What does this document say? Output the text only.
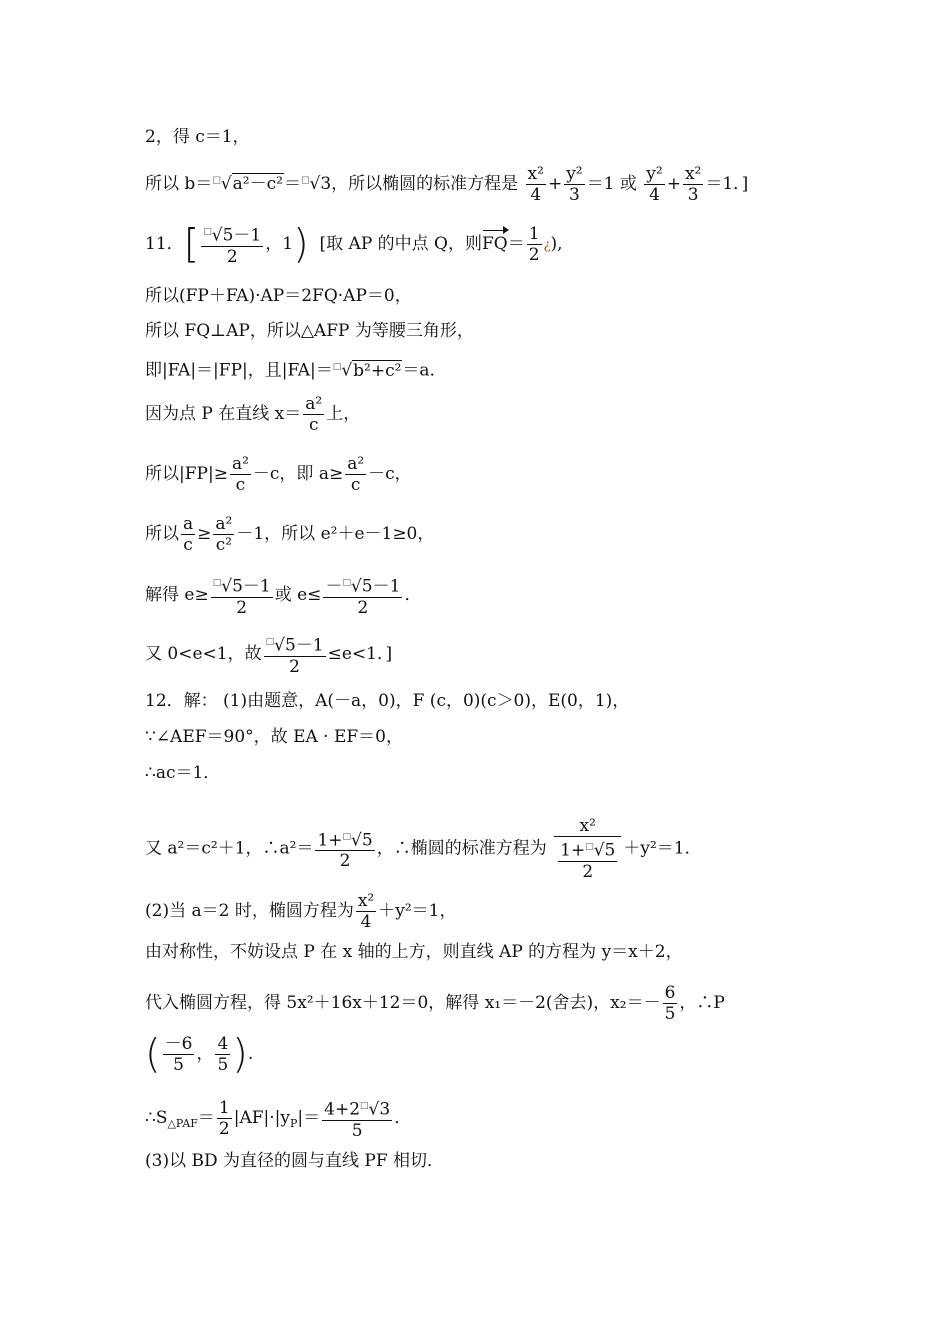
2，得 c＝1，
所以 b＝□√a²－c²＝□√3，所以椭圆的标准方程是 $\frac{\text{x²}}{4} + \frac{\text{y²}}{3} =1$ 或 $\frac{\text{y²}}{4} + \frac{\text{x²}}{3} =1$．]
11．[ $\frac{^□√5-1}{2}$ ，1) [取 AP 的中点 Q，则$FQ= \frac{1}{2}$ ¿),
所以(FP＋FA)·AP＝2FQ·AP＝0，
所以 FQ⊥AP，所以△AFP 为等腰三角形，
即|FA|＝|FP|，且|FA|＝□√b²+c²＝a．
因为点 P 在直线 $x= \frac{\text{a²}}{c}$ 上，
所以$|FP|\ge \frac{\text{a²}}{c} -c$，即 $a\ge \frac{\text{a²}}{c} -c$，
所以 $\frac{a}{c} \ge \frac{\text{a²}}{\text{c²}} -1$，所以 e²＋e－1≥0，
解得 $e\ge \frac{^□√5-1}{2}$ 或 $e\le \frac{-^□√5-1}{2}$ ．
又 0<e<1，故 $\frac{^□√5-1}{2} \le e<1$．]
12．解： (1)由题意，A(－a，0)，F (c，0)(c＞0)，E(0，1)，
∵∠AEF＝90°，故 EA · EF＝0，
∴ac＝1．
又 a²＝c²＋1，∴a²＝ $\frac{1+^□√5}{2}$ ，∴椭圆的标准方程为 $\frac{\text{x²}}{\frac{1+^□√5}{2}} +y^2=1$．
(2)当 a＝2 时，椭圆方程为 $\frac{\text{x²}}{4} +y^2=1$，
由对称性，不妨设点 P 在 x 轴的上方，则直线 AP 的方程为 y＝x＋2，
代入椭圆方程，得 5x²＋16x＋12＝0，解得 x₁＝－2(舍去)，$x_2=- \frac{6}{5}$ ，∴P
( $\frac{-6}{5}$ ， $\frac{4}{5}$ ).
$\therefore S_{\triangle PAF}= \frac{1}{2} |AF|\cdot|y_P|= \frac{4+2^□√3}{5}$ ．
(3)以 BD 为直径的圆与直线 PF 相切．
